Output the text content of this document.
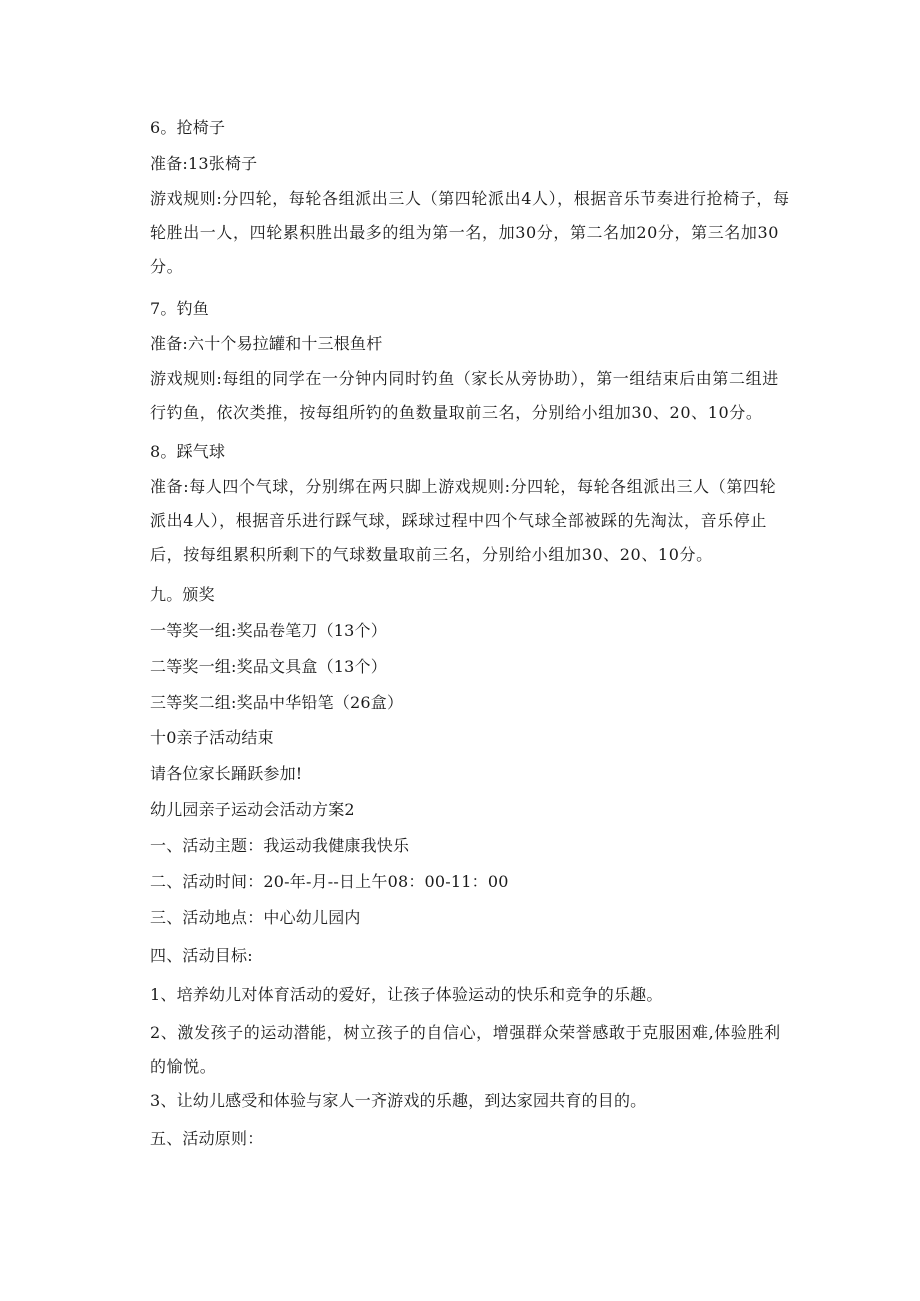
6。抢椅子
准备:13张椅子
游戏规则:分四轮，每轮各组派出三人（第四轮派出4人），根据音乐节奏进行抢椅子，每轮胜出一人，四轮累积胜出最多的组为第一名，加30分，第二名加20分，第三名加30分。
7。钓鱼
准备:六十个易拉罐和十三根鱼杆
游戏规则:每组的同学在一分钟内同时钓鱼（家长从旁协助），第一组结束后由第二组进行钓鱼，依次类推，按每组所钓的鱼数量取前三名，分别给小组加30、20、10分。
8。踩气球
准备:每人四个气球，分别绑在两只脚上游戏规则:分四轮，每轮各组派出三人（第四轮派出4人），根据音乐进行踩气球，踩球过程中四个气球全部被踩的先淘汰，音乐停止后，按每组累积所剩下的气球数量取前三名，分别给小组加30、20、10分。
九。颁奖
一等奖一组:奖品卷笔刀（13个）
二等奖一组:奖品文具盒（13个）
三等奖二组:奖品中华铅笔（26盒）
十0亲子活动结束
请各位家长踊跃参加!
幼儿园亲子运动会活动方案2
一、活动主题：我运动我健康我快乐
二、活动时间：20-年-月--日上午08：00-11：00
三、活动地点：中心幼儿园内
四、活动目标:
1、培养幼儿对体育活动的爱好，让孩子体验运动的快乐和竞争的乐趣。
2、激发孩子的运动潜能，树立孩子的自信心，增强群众荣誉感敢于克服困难,体验胜利的愉悦。
3、让幼儿感受和体验与家人一齐游戏的乐趣，到达家园共育的目的。
五、活动原则：
